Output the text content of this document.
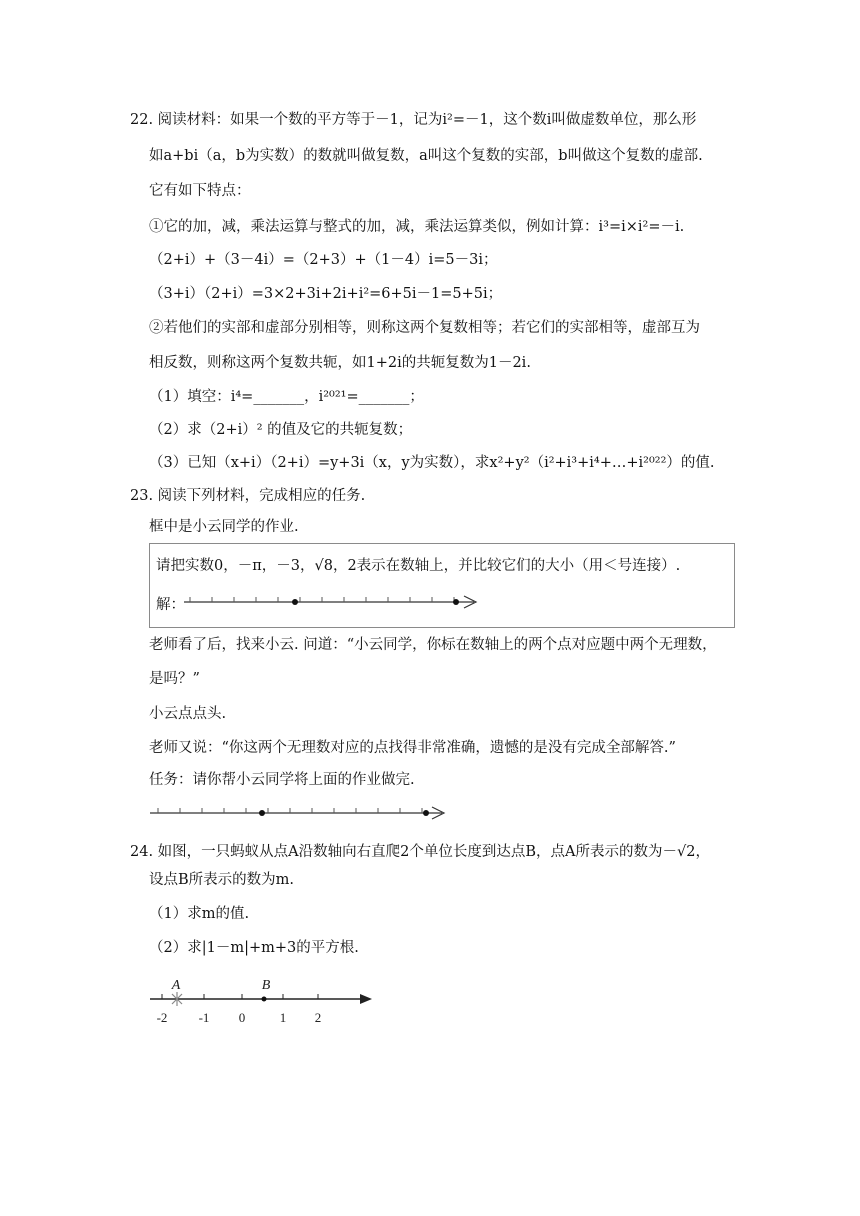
22. 阅读材料：如果一个数的平方等于－1，记为i²=－1，这个数i叫做虚数单位，那么形
如a+bi（a，b为实数）的数就叫做复数，a叫这个复数的实部，b叫做这个复数的虚部.
它有如下特点：
①它的加，减，乘法运算与整式的加，减，乘法运算类似，例如计算：i³=i×i²=－i.
（2+i）+（3－4i）=（2+3）+（1－4）i=5－3i；
（3+i）（2+i）=3×2+3i+2i+i²=6+5i－1=5+5i；
②若他们的实部和虚部分别相等，则称这两个复数相等；若它们的实部相等，虚部互为
相反数，则称这两个复数共轭，如1+2i的共轭复数为1－2i.
（1）填空：i⁴=_______，i²⁰²¹=_______；
（2）求（2+i）² 的值及它的共轭复数；
（3）已知（x+i）（2+i）=y+3i（x，y为实数），求x²+y²（i²+i³+i⁴+…+i²⁰²²）的值.
23. 阅读下列材料，完成相应的任务.
框中是小云同学的作业.
请把实数0，－π，－3，√8，2表示在数轴上，并比较它们的大小（用＜号连接）.
解：
老师看了后，找来小云. 问道：“小云同学，你标在数轴上的两个点对应题中两个无理数，
是吗？”
小云点点头.
老师又说：“你这两个无理数对应的点找得非常准确，遗憾的是没有完成全部解答.”
任务：请你帮小云同学将上面的作业做完.
24. 如图，一只蚂蚁从点A沿数轴向右直爬2个单位长度到达点B，点A所表示的数为－√2，
设点B所表示的数为m.
（1）求m的值.
（2）求|1－m|+m+3的平方根.
A	B
-2 -1 0	1 2
